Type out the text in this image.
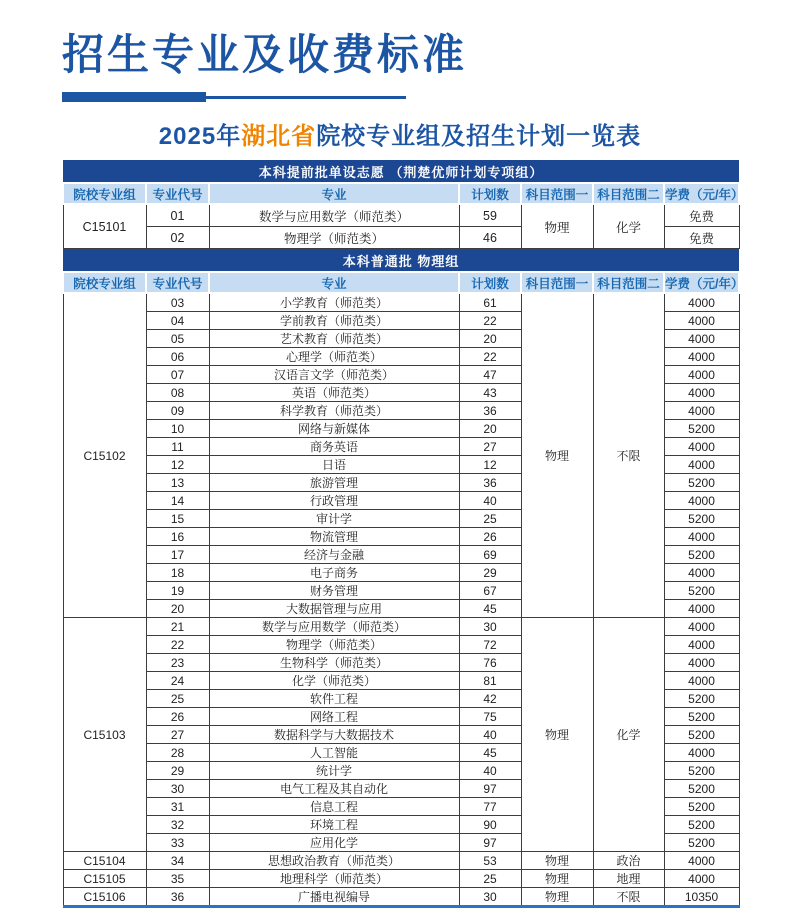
招生专业及收费标准
2025年湖北省院校专业组及招生计划一览表
本科提前批单设志愿 （荆楚优师计划专项组）						
院校专业组	专业代号	专业	计划数	科目范围一	科目范围二	学费（元/年）
C15101	01	数学与应用数学（师范类）	59	物理	化学	免费
	02	物理学（师范类）	46			免费
本科普通批 物理组						
院校专业组	专业代号	专业	计划数	科目范围一	科目范围二	学费（元/年）
C15102	03	小学教育（师范类）	61	物理	不限	4000
	04	学前教育（师范类）	22			4000
	05	艺术教育（师范类）	20			4000
	06	心理学（师范类）	22			4000
	07	汉语言文学（师范类）	47			4000
	08	英语（师范类）	43			4000
	09	科学教育（师范类）	36			4000
	10	网络与新媒体	20			5200
	11	商务英语	27			4000
	12	日语	12			4000
	13	旅游管理	36			5200
	14	行政管理	40			4000
	15	审计学	25			5200
	16	物流管理	26			4000
	17	经济与金融	69			5200
	18	电子商务	29			4000
	19	财务管理	67			5200
	20	大数据管理与应用	45			4000
C15103	21	数学与应用数学（师范类）	30	物理	化学	4000
	22	物理学（师范类）	72			4000
	23	生物科学（师范类）	76			4000
	24	化学（师范类）	81			4000
	25	软件工程	42			5200
	26	网络工程	75			5200
	27	数据科学与大数据技术	40			5200
	28	人工智能	45			4000
	29	统计学	40			5200
	30	电气工程及其自动化	97			5200
	31	信息工程	77			5200
	32	环境工程	90			5200
	33	应用化学	97			5200
C15104	34	思想政治教育（师范类）	53	物理	政治	4000
C15105	35	地理科学（师范类）	25	物理	地理	4000
C15106	36	广播电视编导	30	物理	不限	10350
